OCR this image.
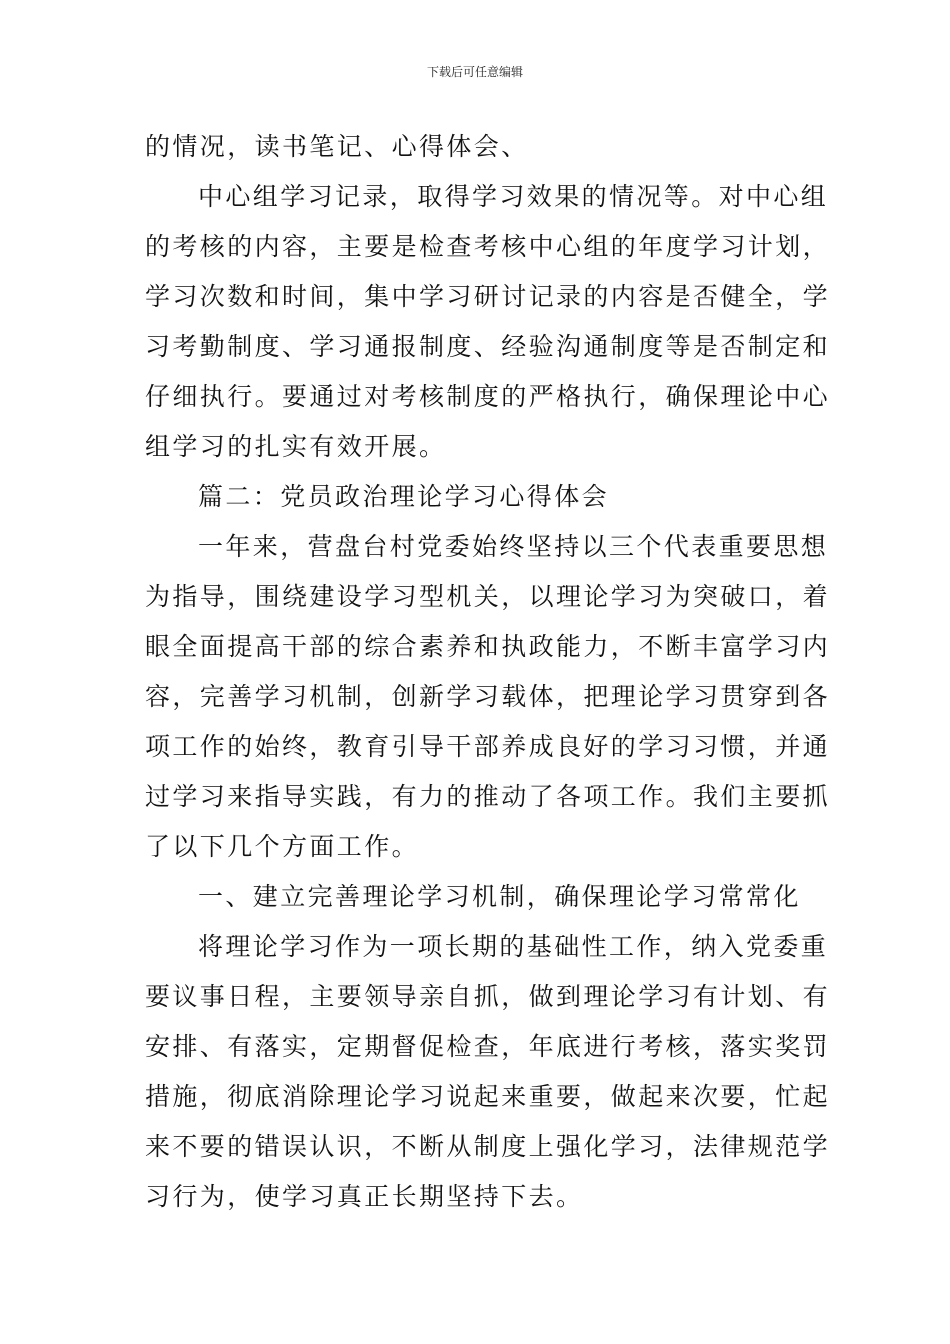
下载后可任意编辑
的情况，读书笔记、心得体会、
中心组学习记录，取得学习效果的情况等。对中心组
的考核的内容，主要是检查考核中心组的年度学习计划，
学习次数和时间，集中学习研讨记录的内容是否健全，学
习考勤制度、学习通报制度、经验沟通制度等是否制定和
仔细执行。要通过对考核制度的严格执行，确保理论中心
组学习的扎实有效开展。
篇二：党员政治理论学习心得体会
一年来，营盘台村党委始终坚持以三个代表重要思想
为指导，围绕建设学习型机关，以理论学习为突破口，着
眼全面提高干部的综合素养和执政能力，不断丰富学习内
容，完善学习机制，创新学习载体，把理论学习贯穿到各
项工作的始终，教育引导干部养成良好的学习习惯，并通
过学习来指导实践，有力的推动了各项工作。我们主要抓
了以下几个方面工作。
一、建立完善理论学习机制，确保理论学习常常化
将理论学习作为一项长期的基础性工作，纳入党委重
要议事日程，主要领导亲自抓，做到理论学习有计划、有
安排、有落实，定期督促检查，年底进行考核，落实奖罚
措施，彻底消除理论学习说起来重要，做起来次要，忙起
来不要的错误认识，不断从制度上强化学习，法律规范学
习行为，使学习真正长期坚持下去。
